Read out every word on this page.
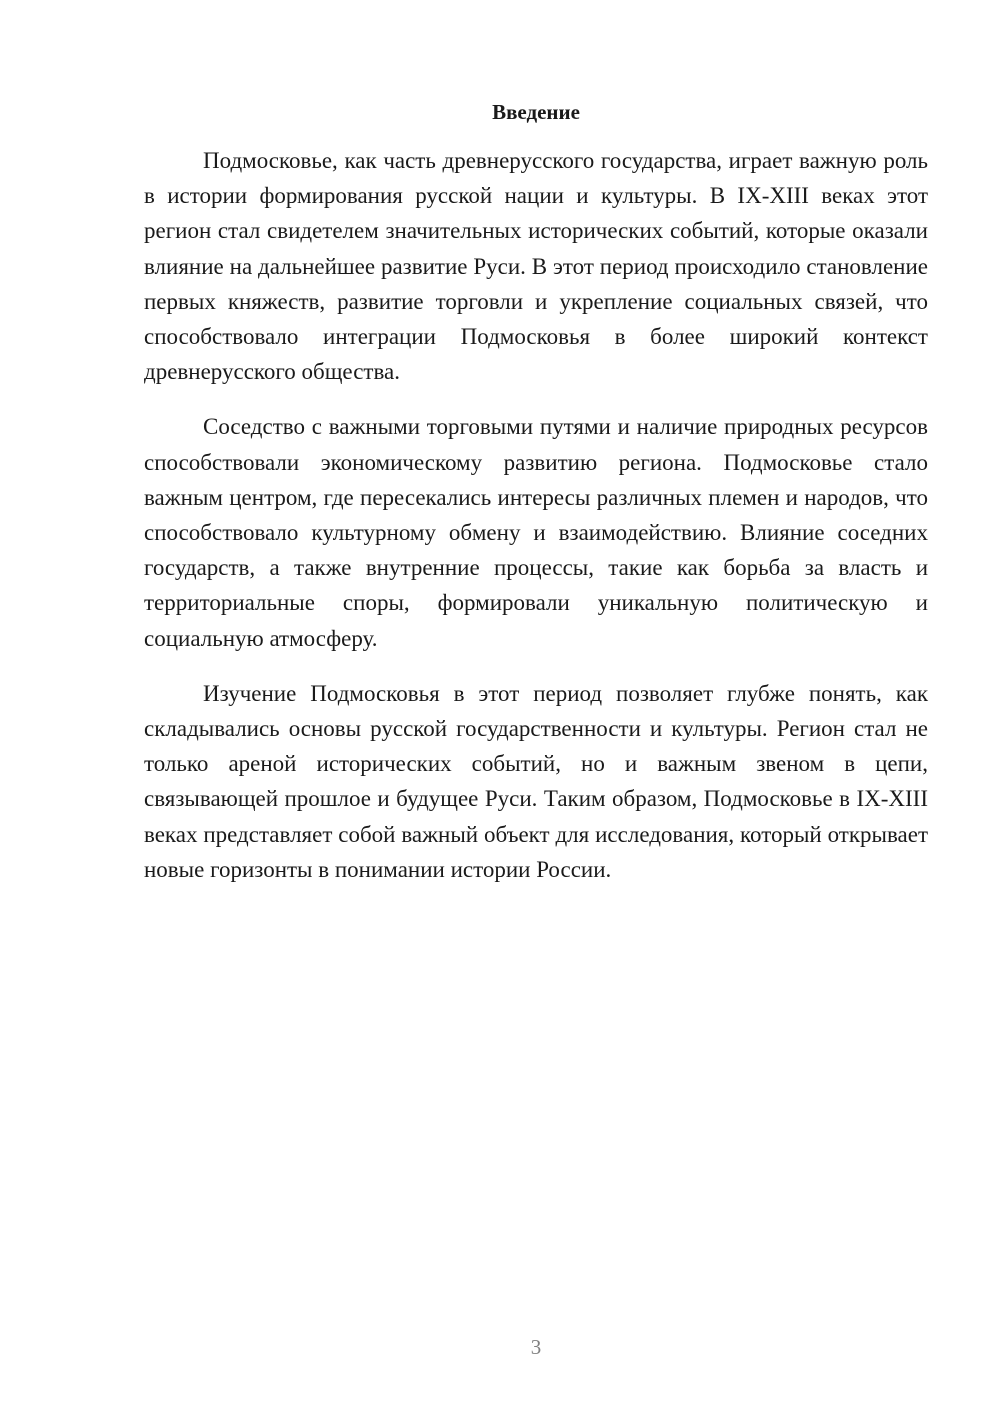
Введение

Подмосковье, как часть древнерусского государства, играет важную роль в истории формирования русской нации и культуры. В IX-XIII веках этот регион стал свидетелем значительных исторических событий, которые оказали влияние на дальнейшее развитие Руси. В этот период происходило становление первых княжеств, развитие торговли и укрепление социальных связей, что способствовало интеграции Подмосковья в более широкий контекст древнерусского общества.

Соседство с важными торговыми путями и наличие природных ресурсов способствовали экономическому развитию региона. Подмосковье стало важным центром, где пересекались интересы различных племен и народов, что способствовало культурному обмену и взаимодействию. Влияние соседних государств, а также внутренние процессы, такие как борьба за власть и территориальные споры, формировали уникальную политическую и социальную атмосферу.

Изучение Подмосковья в этот период позволяет глубже понять, как складывались основы русской государственности и культуры. Регион стал не только ареной исторических событий, но и важным звеном в цепи, связывающей прошлое и будущее Руси. Таким образом, Подмосковье в IX-XIII веках представляет собой важный объект для исследования, который открывает новые горизонты в понимании истории России.

3
